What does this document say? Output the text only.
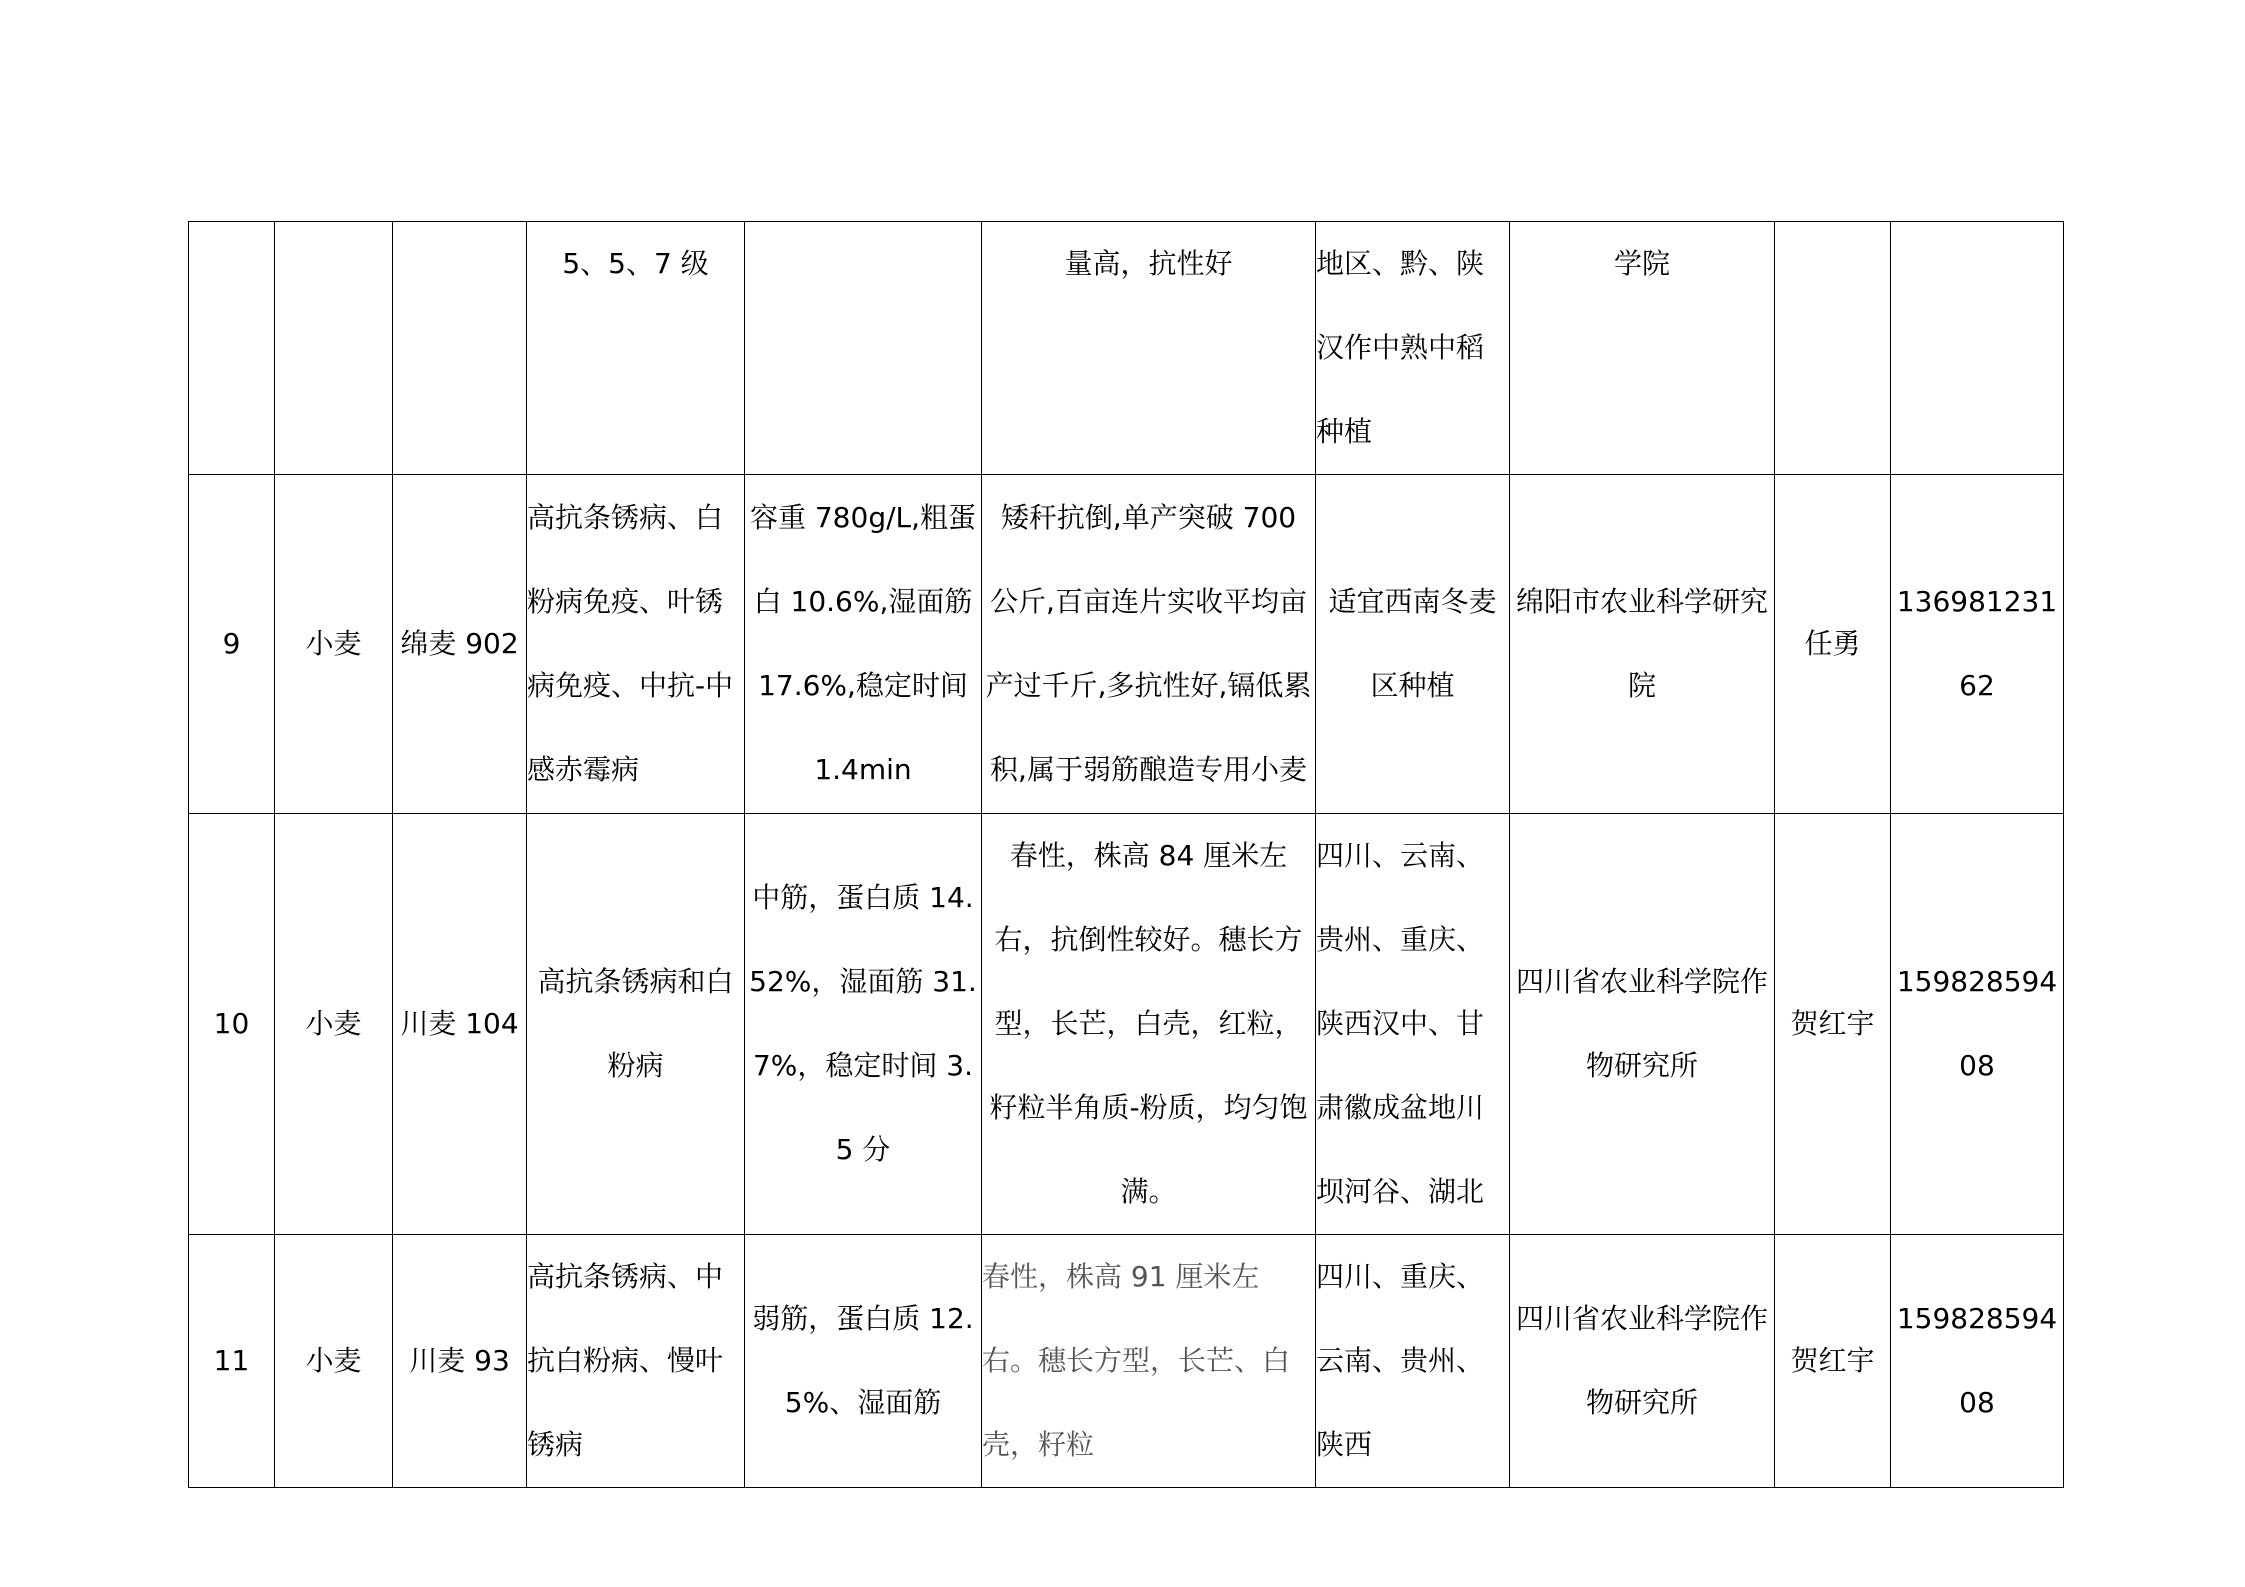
			5、5、7 级		量高，抗性好	地区、黔、陕汉作中熟中稻种植	学院		
9	小麦	绵麦 902	高抗条锈病、白粉病免疫、叶锈病免疫、中抗-中感赤霉病	容重 780g/L,粗蛋白 10.6%,湿面筋 17.6%,稳定时间 1.4min	矮秆抗倒,单产突破 700 公斤,百亩连片实收平均亩产过千斤,多抗性好,镉低累积,属于弱筋酿造专用小麦	适宜西南冬麦区种植	绵阳市农业科学研究院	任勇	13698123162
10	小麦	川麦 104	高抗条锈病和白粉病	中筋，蛋白质 14.52%，湿面筋 31.7%，稳定时间 3.5 分	春性，株高 84 厘米左右，抗倒性较好。穗长方型，长芒，白壳，红粒，籽粒半角质-粉质，均匀饱满。	四川、云南、贵州、重庆、陕西汉中、甘肃徽成盆地川坝河谷、湖北	四川省农业科学院作物研究所	贺红宇	15982859408
11	小麦	川麦 93	高抗条锈病、中抗白粉病、慢叶锈病	弱筋，蛋白质 12.5%、湿面筋	春性，株高 91 厘米左右。穗长方型，长芒、白壳，籽粒	四川、重庆、云南、贵州、陕西	四川省农业科学院作物研究所	贺红宇	15982859408
